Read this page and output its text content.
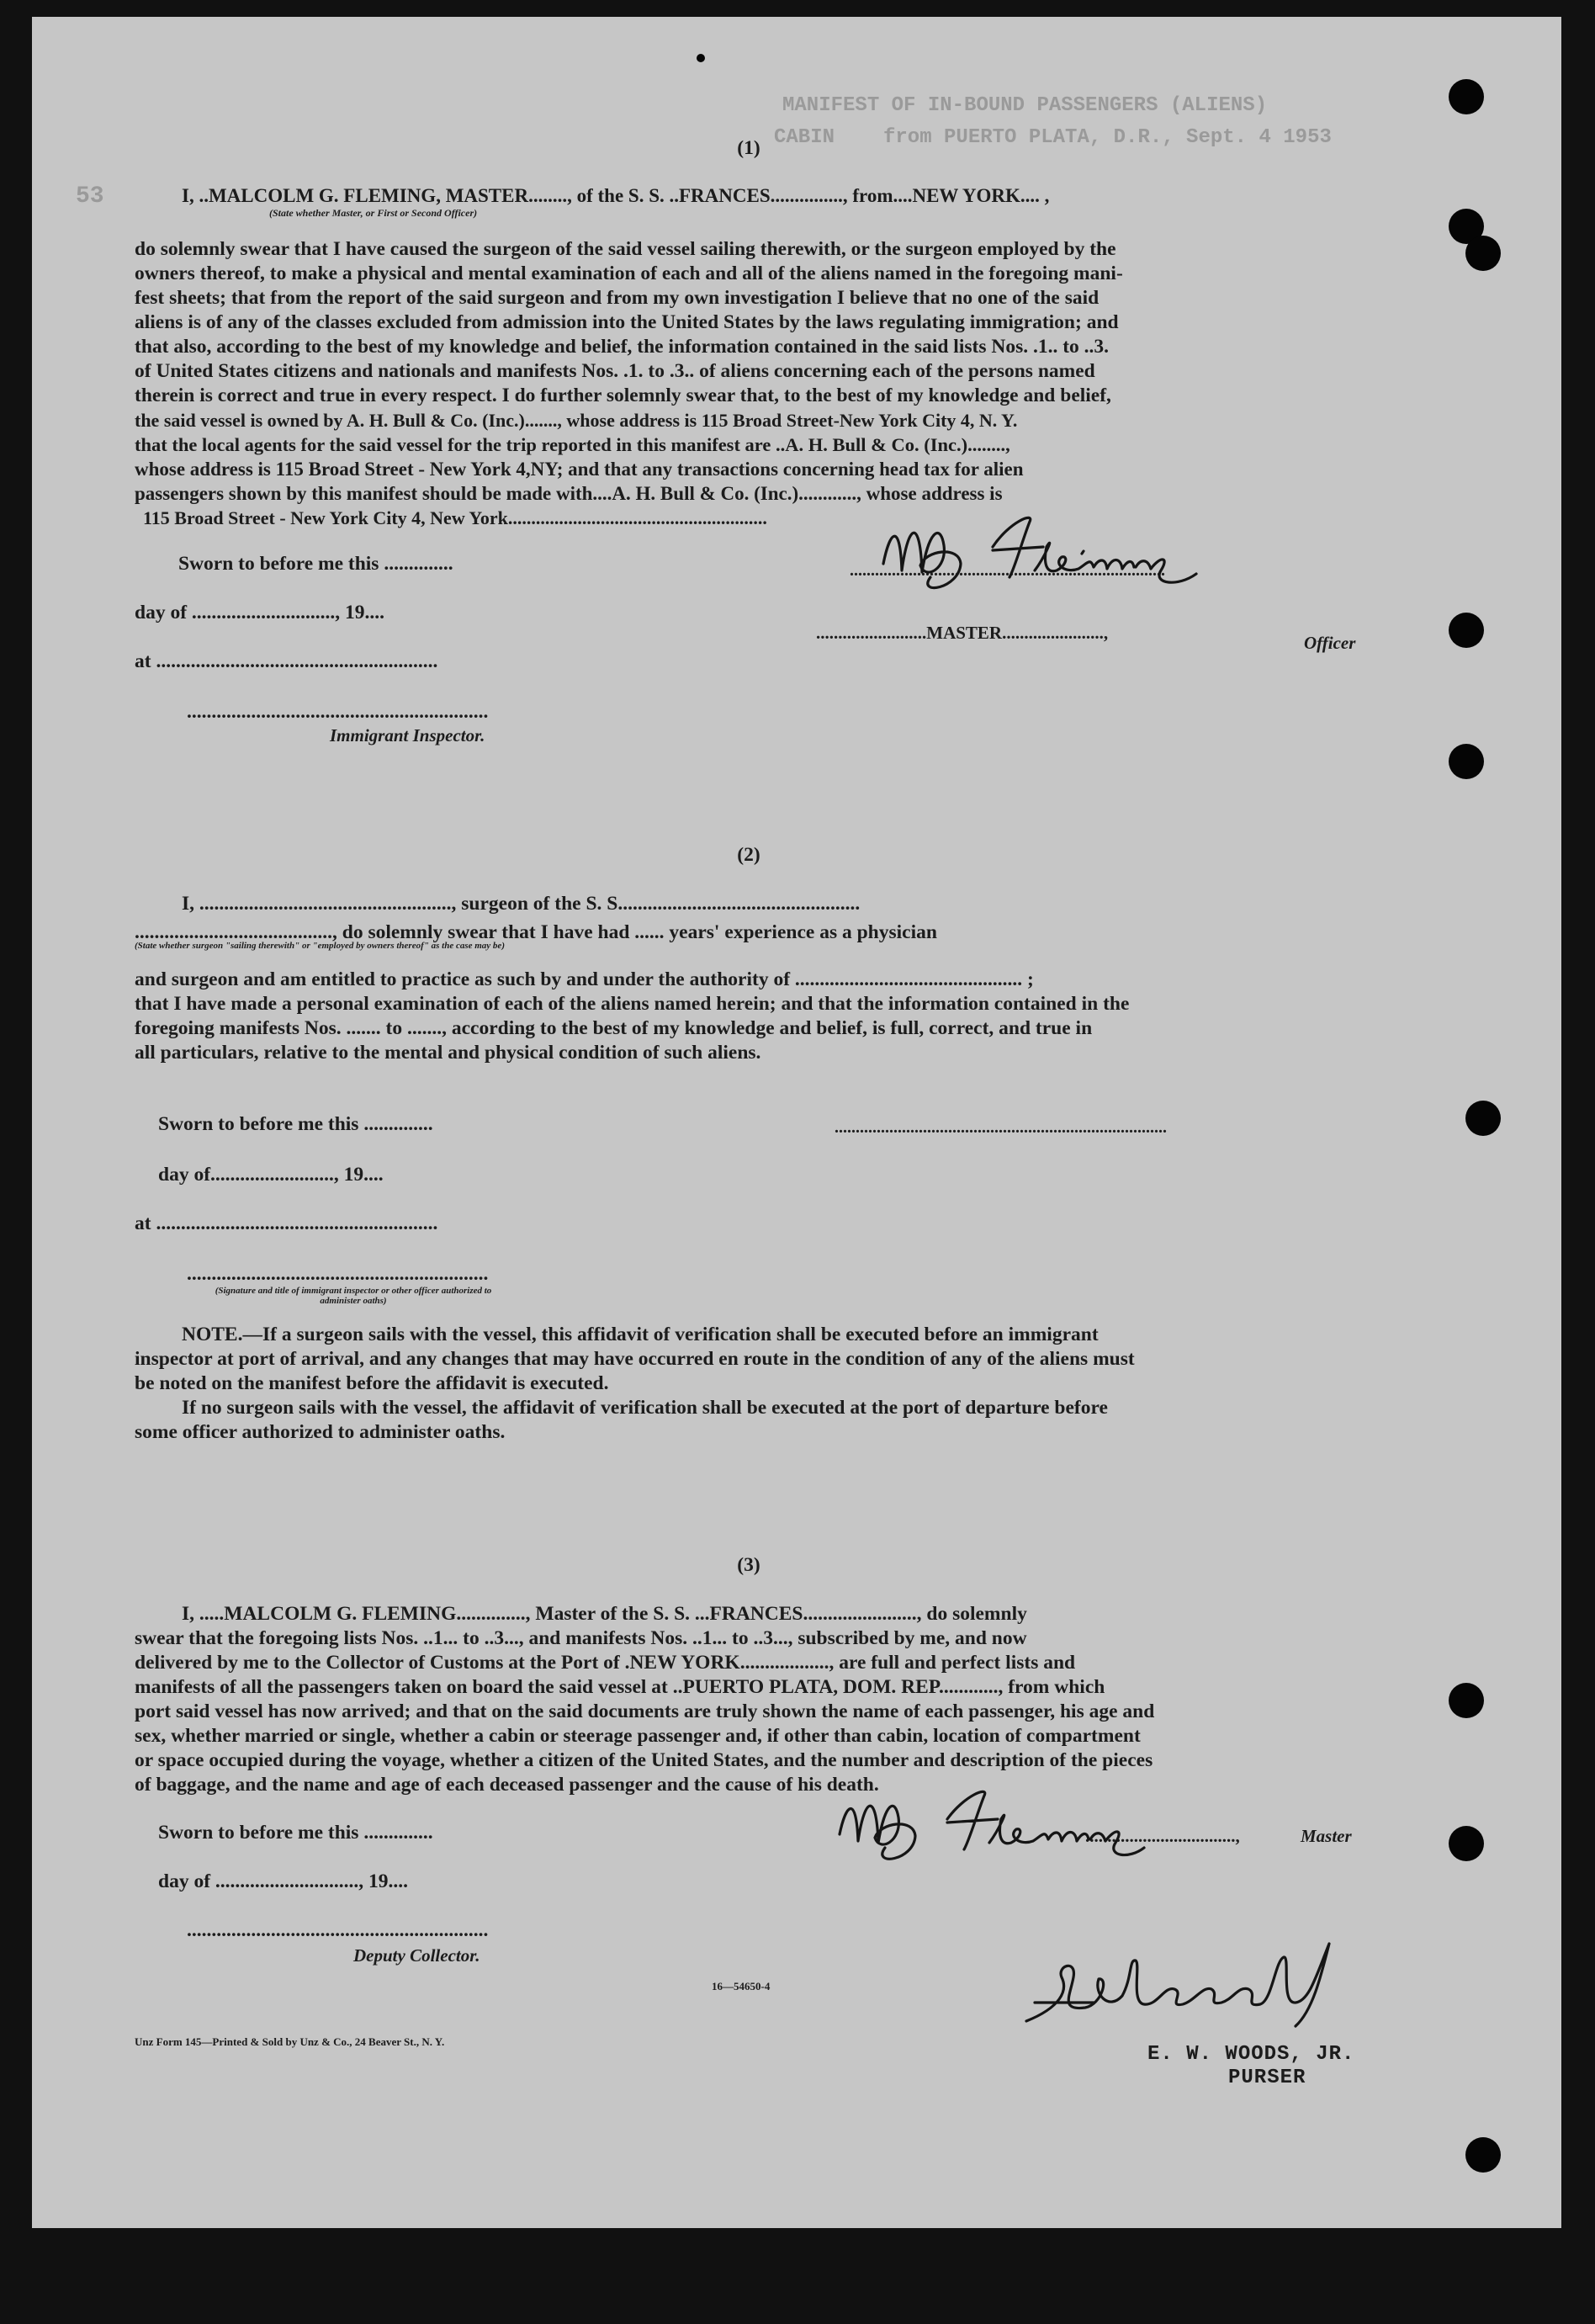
MANIFEST OF IN-BOUND PASSENGERS (ALIENS)
CABIN from PUERTO PLATA, D.R., Sept. 4 1953
53
(1)
I, ..MALCOLM G. FLEMING, MASTER........, of the S. S. ..FRANCES..............., from....NEW YORK.... ,
(State whether Master, or First or Second Officer)
do solemnly swear that I have caused the surgeon of the said vessel sailing therewith, or the surgeon employed by the
owners thereof, to make a physical and mental examination of each and all of the aliens named in the foregoing mani-
fest sheets; that from the report of the said surgeon and from my own investigation I believe that no one of the said
aliens is of any of the classes excluded from admission into the United States by the laws regulating immigration; and
that also, according to the best of my knowledge and belief, the information contained in the said lists Nos. .1.. to ..3.
of United States citizens and nationals and manifests Nos. .1. to .3.. of aliens concerning each of the persons named
therein is correct and true in every respect. I do further solemnly swear that, to the best of my knowledge and belief,
the said vessel is owned by A. H. Bull & Co. (Inc.)......., whose address is 115 Broad Street-New York City 4, N. Y.
that the local agents for the said vessel for the trip reported in this manifest are ..A. H. Bull & Co. (Inc.)........,
whose address is 115 Broad Street - New York 4,NY; and that any transactions concerning head tax for alien
passengers shown by this manifest should be made with....A. H. Bull & Co. (Inc.)............, whose address is
115 Broad Street - New York City 4, New York........................................................
Sworn to before me this ..............	...........................................................................
day of ............................., 19....
at .........................................................
.........................MASTER.......................,	Officer
.............................................................
Immigrant Inspector.
(2)
I, ..................................................., surgeon of the S. S.................................................
........................................, do solemnly swear that I have had ...... years' experience as a physician
(State whether surgeon "sailing therewith" or "employed by owners thereof" as the case may be)
and surgeon and am entitled to practice as such by and under the authority of .............................................. ;
that I have made a personal examination of each of the aliens named herein; and that the information contained in the
foregoing manifests Nos. ....... to ......., according to the best of my knowledge and belief, is full, correct, and true in
all particulars, relative to the mental and physical condition of such aliens.
Sworn to before me this ..............	...............................................................................
day of........................., 19....
at .........................................................
.............................................................
(Signature and title of immigrant inspector or other officer authorized to administer oaths)
NOTE.—If a surgeon sails with the vessel, this affidavit of verification shall be executed before an immigrant
inspector at port of arrival, and any changes that may have occurred en route in the condition of any of the aliens must
be noted on the manifest before the affidavit is executed.
If no surgeon sails with the vessel, the affidavit of verification shall be executed at the port of departure before
some officer authorized to administer oaths.
(3)
I, .....MALCOLM G. FLEMING.............., Master of the S. S. ...FRANCES......................., do solemnly
swear that the foregoing lists Nos. ..1... to ..3..., and manifests Nos. ..1... to ..3..., subscribed by me, and now
delivered by me to the Collector of Customs at the Port of .NEW YORK.................., are full and perfect lists and
manifests of all the passengers taken on board the said vessel at ..PUERTO PLATA, DOM. REP............, from which
port said vessel has now arrived; and that on the said documents are truly shown the name of each passenger, his age and
sex, whether married or single, whether a cabin or steerage passenger and, if other than cabin, location of compartment
or space occupied during the voyage, whether a citizen of the United States, and the number and description of the pieces
of baggage, and the name and age of each deceased passenger and the cause of his death.
Sworn to before me this ..............
day of ............................., 19....
.............................................................
Deputy Collector.
..................................,	Master
16—54650-4
E. W. WOODS, JR.
PURSER
Unz Form 145—Printed & Sold by Unz & Co., 24 Beaver St., N. Y.
